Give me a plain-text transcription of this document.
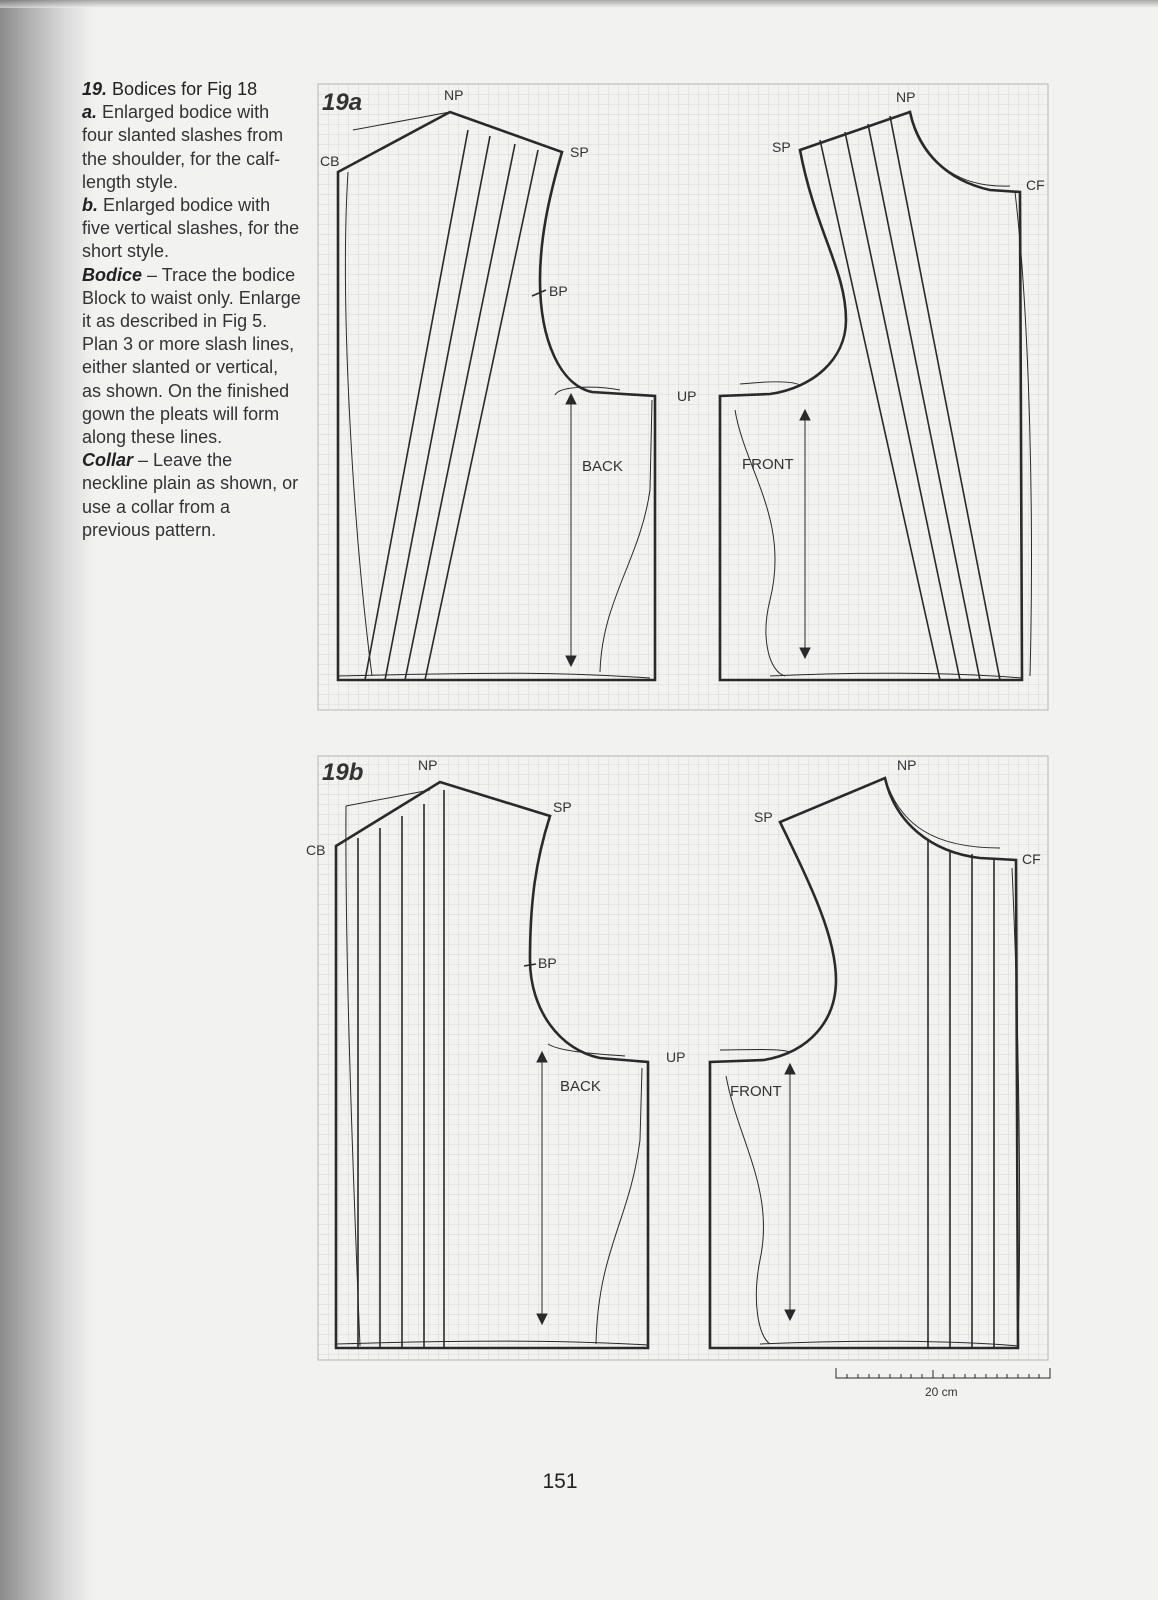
19. Bodices for Fig 18

a. Enlarged bodice with four slanted slashes from the shoulder, for the calf-length style.

b. Enlarged bodice with five vertical slashes, for the short style.

Bodice – Trace the bodice Block to waist only. Enlarge it as described in Fig 5. Plan 3 or more slash lines, either slanted or vertical, as shown. On the finished gown the pleats will form along these lines.

Collar – Leave the neckline plain as shown, or use a collar from a previous pattern.

19a
CB
NP
SP
BP
UP
BACK	FRONT
SP
NP
CF
19b
CB
NP
SP
BP
UP
BACK	FRONT
SP
NP
CF
20 cm
151
